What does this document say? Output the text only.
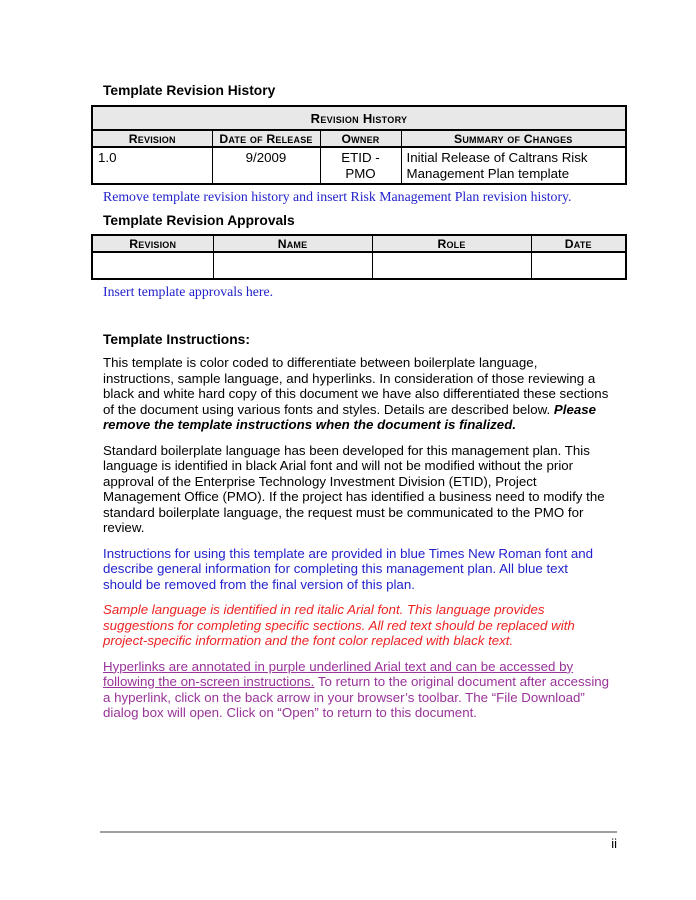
Template Revision History
Revision History			
Revision	Date of Release	Owner	Summary of Changes
1.0	9/2009	ETID - PMO	Initial Release of Caltrans Risk Management Plan template

Remove template revision history and insert Risk Management Plan revision history.

Template Revision Approvals
Revision	Name	Role	Date

Insert template approvals here.

Template Instructions:

This template is color coded to differentiate between boilerplate language, instructions, sample language, and hyperlinks. In consideration of those reviewing a black and white hard copy of this document we have also differentiated these sections of the document using various fonts and styles. Details are described below. Please remove the template instructions when the document is finalized.

Standard boilerplate language has been developed for this management plan. This language is identified in black Arial font and will not be modified without the prior approval of the Enterprise Technology Investment Division (ETID), Project Management Office (PMO). If the project has identified a business need to modify the standard boilerplate language, the request must be communicated to the PMO for review.

Instructions for using this template are provided in blue Times New Roman font and describe general information for completing this management plan. All blue text should be removed from the final version of this plan.

Sample language is identified in red italic Arial font. This language provides suggestions for completing specific sections. All red text should be replaced with project-specific information and the font color replaced with black text.

Hyperlinks are annotated in purple underlined Arial text and can be accessed by following the on-screen instructions. To return to the original document after accessing a hyperlink, click on the back arrow in your browser’s toolbar. The “File Download” dialog box will open. Click on “Open” to return to this document.

ii
